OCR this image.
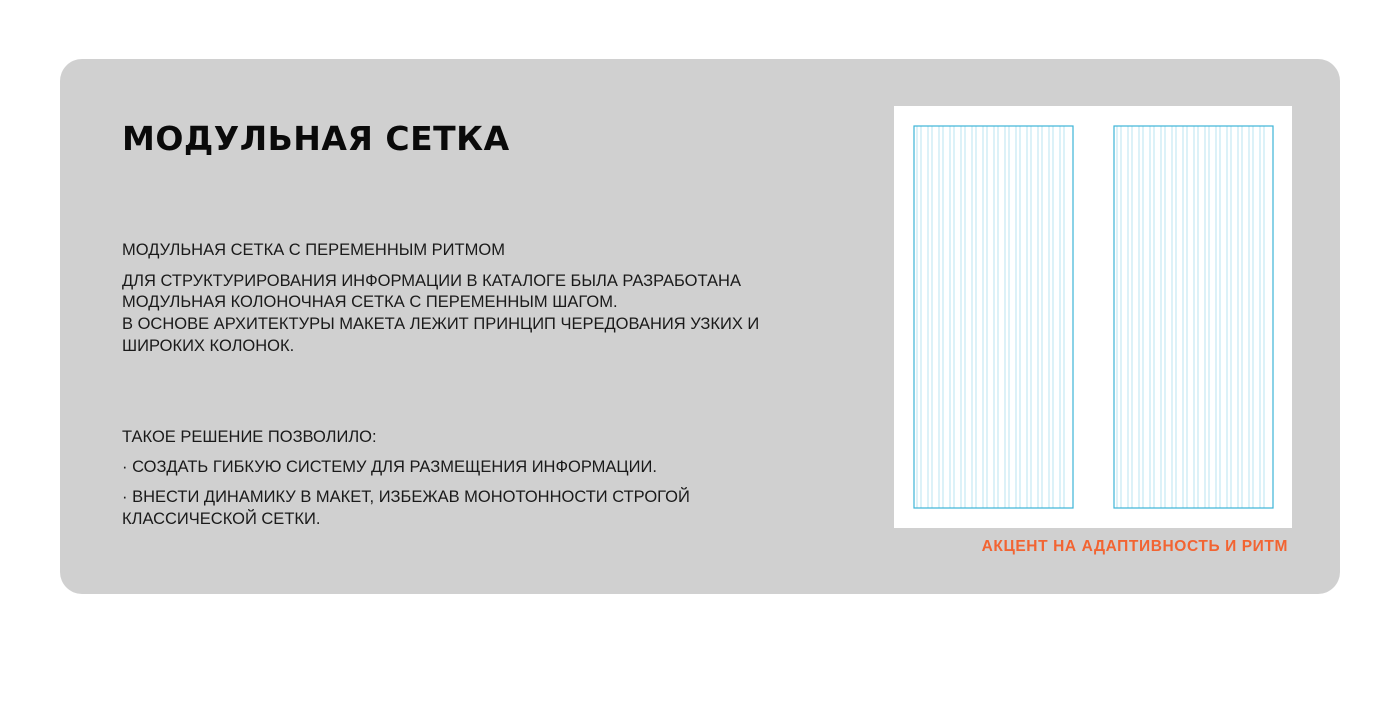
МОДУЛЬНАЯ СЕТКА

МОДУЛЬНАЯ СЕТКА С ПЕРЕМЕННЫМ РИТМОМ

ДЛЯ СТРУКТУРИРОВАНИЯ ИНФОРМАЦИИ В КАТАЛОГЕ БЫЛА РАЗРАБОТАНА

МОДУЛЬНАЯ КОЛОНОЧНАЯ СЕТКА С ПЕРЕМЕННЫМ ШАГОМ.

В ОСНОВЕ АРХИТЕКТУРЫ МАКЕТА ЛЕЖИТ ПРИНЦИП ЧЕРЕДОВАНИЯ УЗКИХ И

ШИРОКИХ КОЛОНОК.

ТАКОЕ РЕШЕНИЕ ПОЗВОЛИЛО:

· СОЗДАТЬ ГИБКУЮ СИСТЕМУ ДЛЯ РАЗМЕЩЕНИЯ ИНФОРМАЦИИ.

· ВНЕСТИ ДИНАМИКУ В МАКЕТ, ИЗБЕЖАВ МОНОТОННОСТИ СТРОГОЙ

КЛАССИЧЕСКОЙ СЕТКИ.

АКЦЕНТ НА АДАПТИВНОСТЬ И РИТМ
